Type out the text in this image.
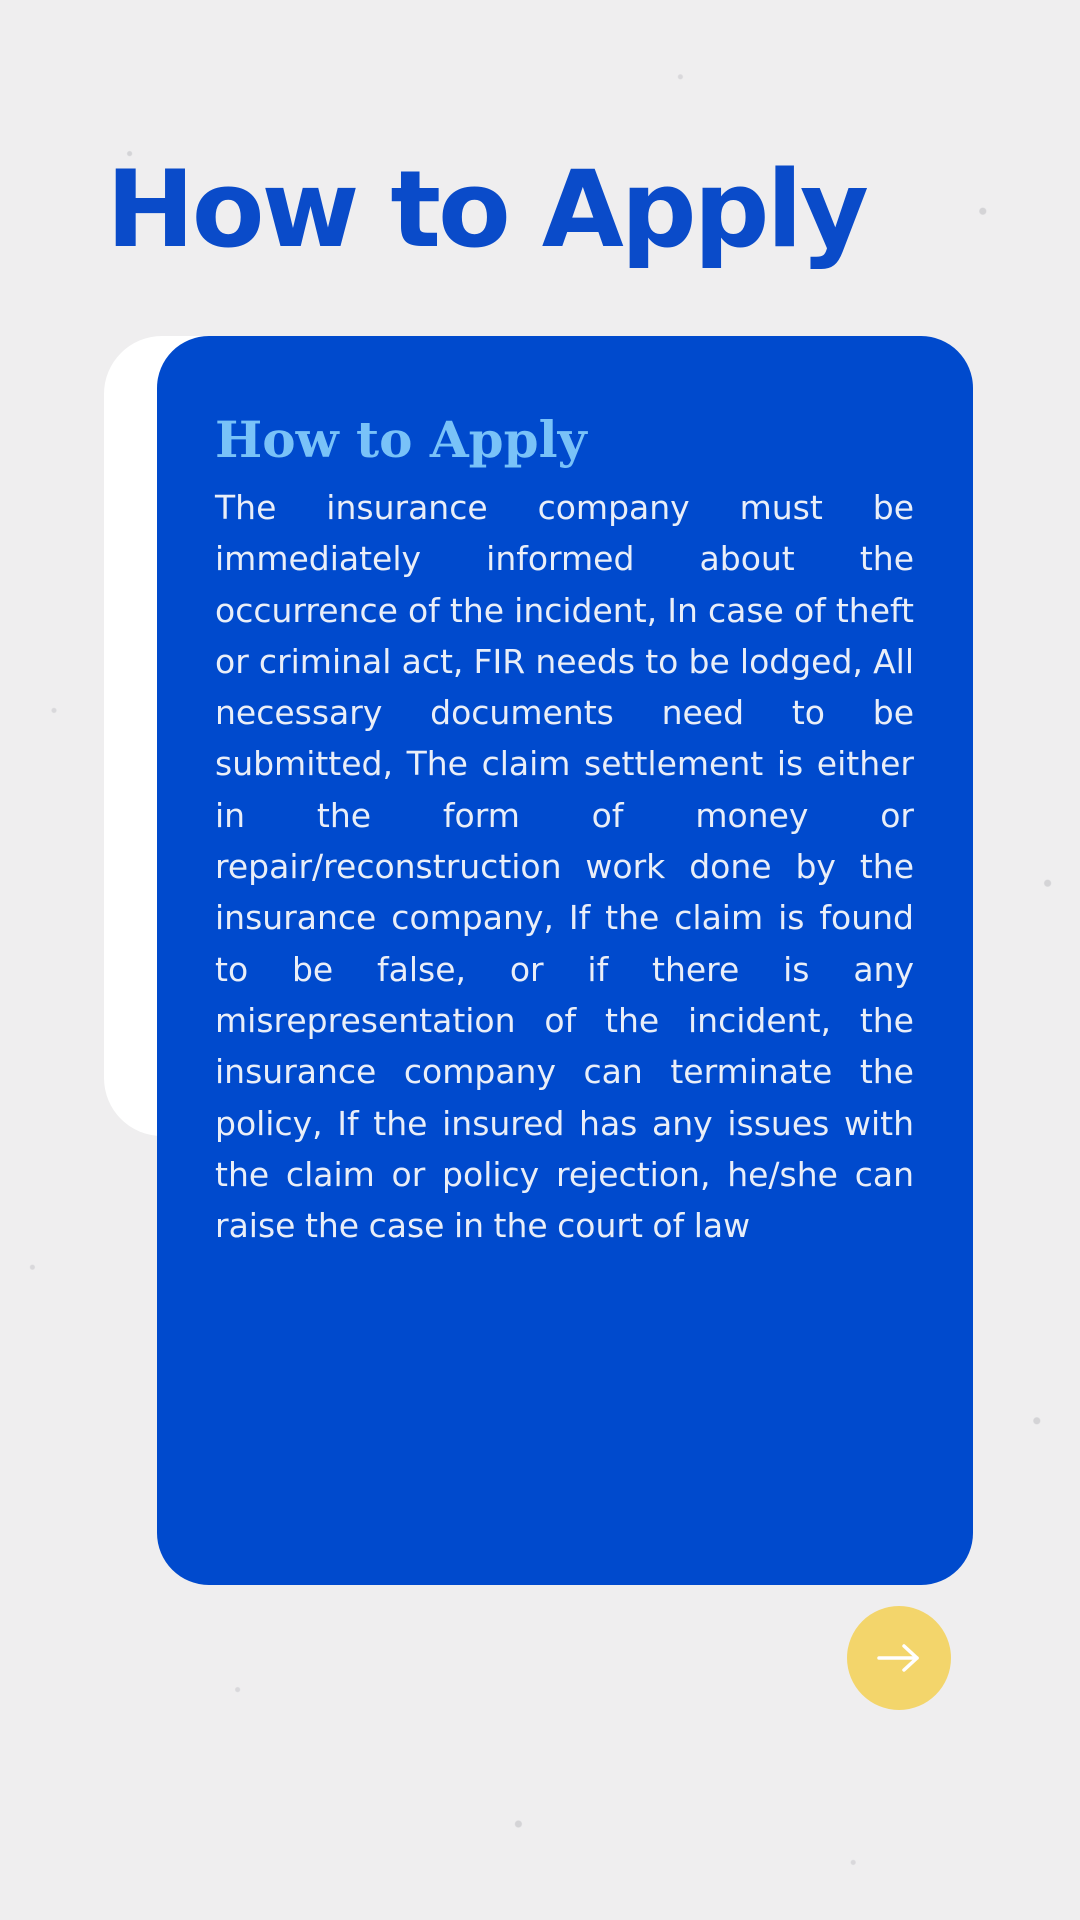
How to Apply
How to Apply

The insurance company must be immediately informed about the occurrence of the incident, In case of theft or criminal act, FIR needs to be lodged, All necessary documents need to be submitted, The claim settlement is either in the form of money or repair/reconstruction work done by the insurance company, If the claim is found to be false, or if there is any misrepresentation of the incident, the insurance company can terminate the policy, If the insured has any issues with the claim or policy rejection, he/she can raise the case in the court of law
